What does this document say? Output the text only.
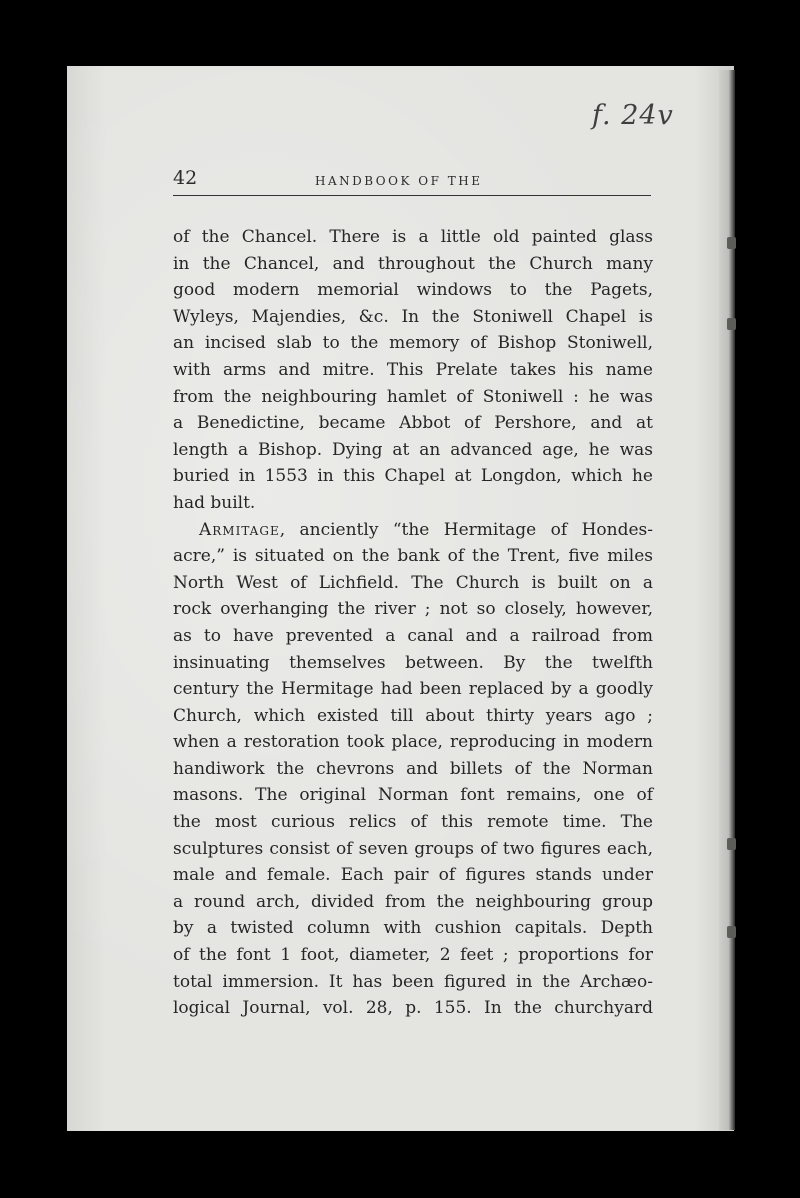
f. 24v
42	HANDBOOK OF THE
of the Chancel. There is a little old painted glass
in the Chancel, and throughout the Church many
good modern memorial windows to the Pagets,
Wyleys, Majendies, &c. In the Stoniwell Chapel is
an incised slab to the memory of Bishop Stoniwell,
with arms and mitre. This Prelate takes his name
from the neighbouring hamlet of Stoniwell : he was
a Benedictine, became Abbot of Pershore, and at
length a Bishop. Dying at an advanced age, he was
buried in 1553 in this Chapel at Longdon, which he
had built.
Armitage, anciently “the Hermitage of Hondes-
acre,” is situated on the bank of the Trent, five miles
North West of Lichfield. The Church is built on a
rock overhanging the river ; not so closely, however,
as to have prevented a canal and a railroad from
insinuating themselves between. By the twelfth
century the Hermitage had been replaced by a goodly
Church, which existed till about thirty years ago ;
when a restoration took place, reproducing in modern
handiwork the chevrons and billets of the Norman
masons. The original Norman font remains, one of
the most curious relics of this remote time. The
sculptures consist of seven groups of two figures each,
male and female. Each pair of figures stands under
a round arch, divided from the neighbouring group
by a twisted column with cushion capitals. Depth
of the font 1 foot, diameter, 2 feet ; proportions for
total immersion. It has been figured in the Archæo-
logical Journal, vol. 28, p. 155. In the churchyard
